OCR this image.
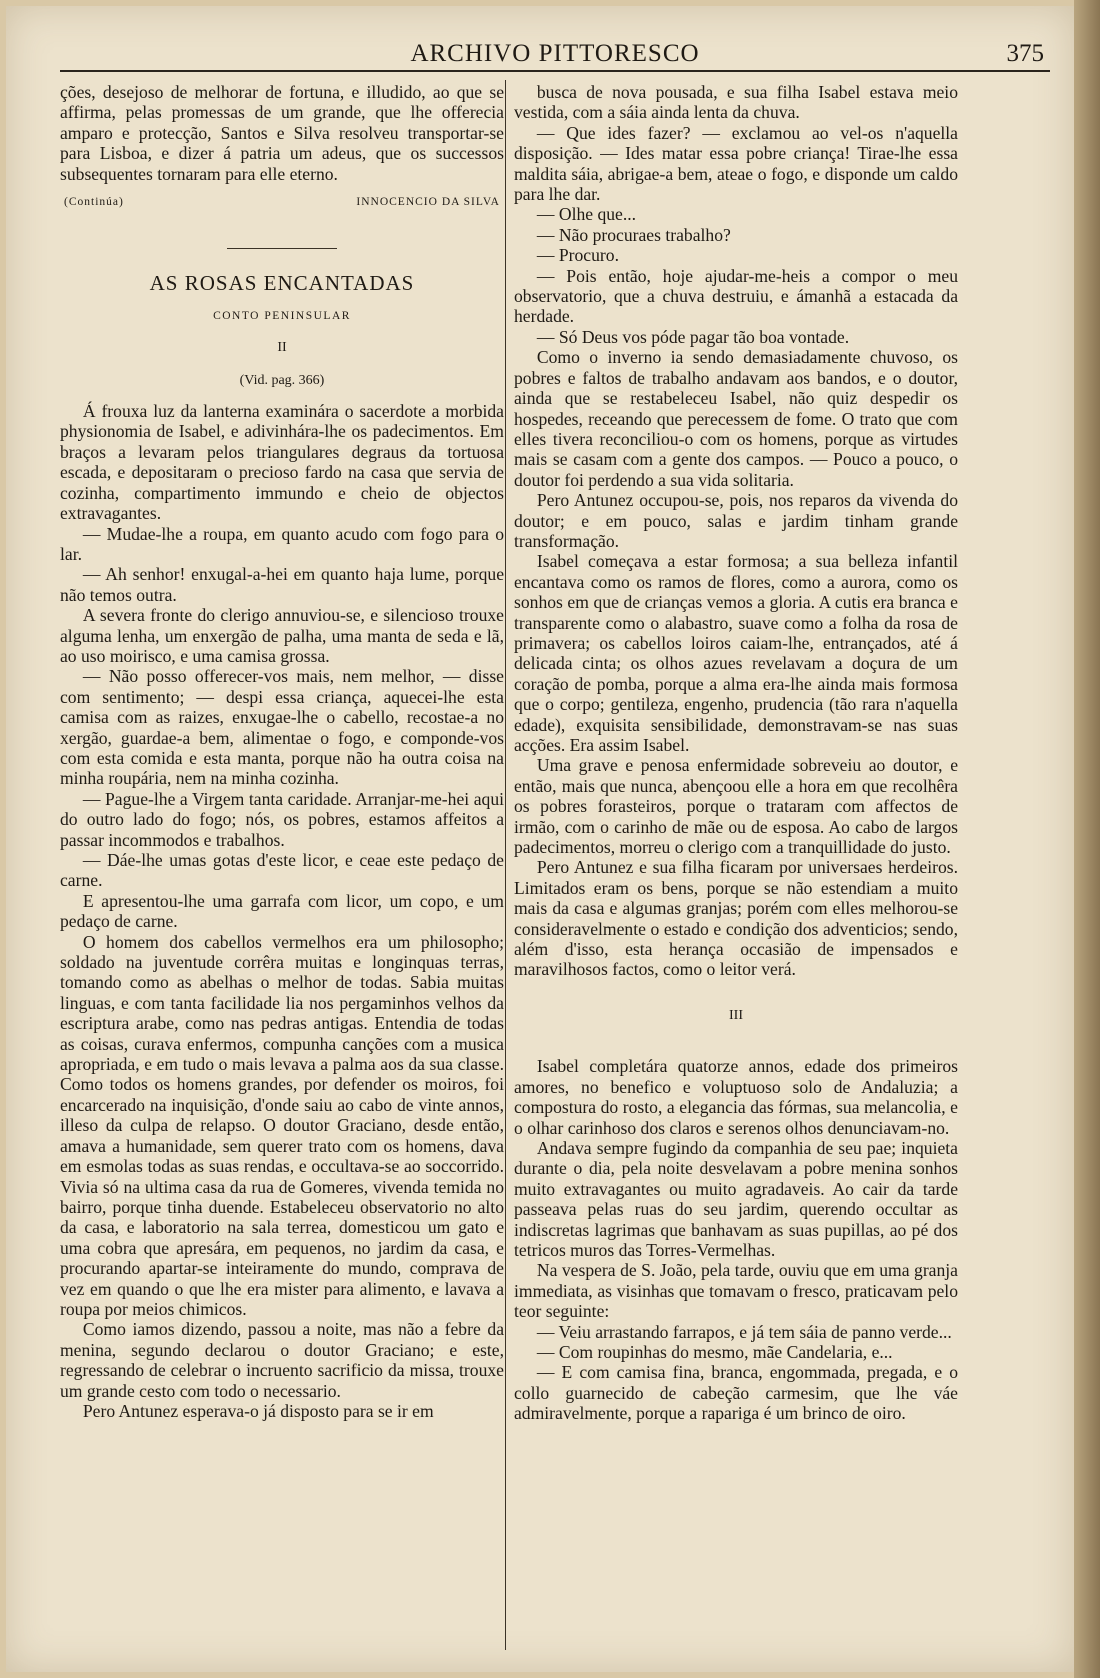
ARCHIVO PITTORESCO	375

ções, desejoso de melhorar de fortuna, e illudido, ao que se affirma, pelas promessas de um grande, que lhe offerecia amparo e protecção, Santos e Silva resolveu transportar-se para Lisboa, e dizer á patria um adeus, que os successos subsequentes tornaram para elle eterno.

(Continúa)	INNOCENCIO DA SILVA
AS ROSAS ENCANTADAS
CONTO PENINSULAR
II
(Vid. pag. 366)

Á frouxa luz da lanterna examinára o sacerdote a morbida physionomia de Isabel, e adivinhára-lhe os padecimentos. Em braços a levaram pelos triangulares degraus da tortuosa escada, e depositaram o precioso fardo na casa que servia de cozinha, compartimento immundo e cheio de objectos extravagantes.

— Mudae-lhe a roupa, em quanto acudo com fogo para o lar.

— Ah senhor! enxugal-a-hei em quanto haja lume, porque não temos outra.

A severa fronte do clerigo annuviou-se, e silencioso trouxe alguma lenha, um enxergão de palha, uma manta de seda e lã, ao uso moirisco, e uma camisa grossa.

— Não posso offerecer-vos mais, nem melhor, — disse com sentimento; — despi essa criança, aquecei-lhe esta camisa com as raizes, enxugae-lhe o cabello, recostae-a no xergão, guardae-a bem, alimentae o fogo, e componde-vos com esta comida e esta manta, porque não ha outra coisa na minha roupária, nem na minha cozinha.

— Pague-lhe a Virgem tanta caridade. Arranjar-me-hei aqui do outro lado do fogo; nós, os pobres, estamos affeitos a passar incommodos e trabalhos.

— Dáe-lhe umas gotas d'este licor, e ceae este pedaço de carne.

E apresentou-lhe uma garrafa com licor, um copo, e um pedaço de carne.

O homem dos cabellos vermelhos era um philosopho; soldado na juventude corrêra muitas e longinquas terras, tomando como as abelhas o melhor de todas. Sabia muitas linguas, e com tanta facilidade lia nos pergaminhos velhos da escriptura arabe, como nas pedras antigas. Entendia de todas as coisas, curava enfermos, compunha canções com a musica apropriada, e em tudo o mais levava a palma aos da sua classe. Como todos os homens grandes, por defender os moiros, foi encarcerado na inquisição, d'onde saiu ao cabo de vinte annos, illeso da culpa de relapso. O doutor Graciano, desde então, amava a humanidade, sem querer trato com os homens, dava em esmolas todas as suas rendas, e occultava-se ao soccorrido. Vivia só na ultima casa da rua de Gomeres, vivenda temida no bairro, porque tinha duende. Estabeleceu observatorio no alto da casa, e laboratorio na sala terrea, domesticou um gato e uma cobra que apresára, em pequenos, no jardim da casa, e procurando apartar-se inteiramente do mundo, comprava de vez em quando o que lhe era mister para alimento, e lavava a roupa por meios chimicos.

Como iamos dizendo, passou a noite, mas não a febre da menina, segundo declarou o doutor Graciano; e este, regressando de celebrar o incruento sacrificio da missa, trouxe um grande cesto com todo o necessario.

Pero Antunez esperava-o já disposto para se ir em

busca de nova pousada, e sua filha Isabel estava meio vestida, com a sáia ainda lenta da chuva.

— Que ides fazer? — exclamou ao vel-os n'aquella disposição. — Ides matar essa pobre criança! Tirae-lhe essa maldita sáia, abrigae-a bem, ateae o fogo, e disponde um caldo para lhe dar.

— Olhe que...

— Não procuraes trabalho?

— Procuro.

— Pois então, hoje ajudar-me-heis a compor o meu observatorio, que a chuva destruiu, e ámanhã a estacada da herdade.

— Só Deus vos póde pagar tão boa vontade.

Como o inverno ia sendo demasiadamente chuvoso, os pobres e faltos de trabalho andavam aos bandos, e o doutor, ainda que se restabeleceu Isabel, não quiz despedir os hospedes, receando que perecessem de fome. O trato que com elles tivera reconciliou-o com os homens, porque as virtudes mais se casam com a gente dos campos. — Pouco a pouco, o doutor foi perdendo a sua vida solitaria.

Pero Antunez occupou-se, pois, nos reparos da vivenda do doutor; e em pouco, salas e jardim tinham grande transformação.

Isabel começava a estar formosa; a sua belleza infantil encantava como os ramos de flores, como a aurora, como os sonhos em que de crianças vemos a gloria. A cutis era branca e transparente como o alabastro, suave como a folha da rosa de primavera; os cabellos loiros caiam-lhe, entrançados, até á delicada cinta; os olhos azues revelavam a doçura de um coração de pomba, porque a alma era-lhe ainda mais formosa que o corpo; gentileza, engenho, prudencia (tão rara n'aquella edade), exquisita sensibilidade, demonstravam-se nas suas acções. Era assim Isabel.

Uma grave e penosa enfermidade sobreveiu ao doutor, e então, mais que nunca, abençoou elle a hora em que recolhêra os pobres forasteiros, porque o trataram com affectos de irmão, com o carinho de mãe ou de esposa. Ao cabo de largos padecimentos, morreu o clerigo com a tranquillidade do justo.

Pero Antunez e sua filha ficaram por universaes herdeiros. Limitados eram os bens, porque se não estendiam a muito mais da casa e algumas granjas; porém com elles melhorou-se consideravelmente o estado e condição dos adventicios; sendo, além d'isso, esta herança occasião de impensados e maravilhosos factos, como o leitor verá.

III

Isabel completára quatorze annos, edade dos primeiros amores, no benefico e voluptuoso solo de Andaluzia; a compostura do rosto, a elegancia das fórmas, sua melancolia, e o olhar carinhoso dos claros e serenos olhos denunciavam-no.

Andava sempre fugindo da companhia de seu pae; inquieta durante o dia, pela noite desvelavam a pobre menina sonhos muito extravagantes ou muito agradaveis. Ao cair da tarde passeava pelas ruas do seu jardim, querendo occultar as indiscretas lagrimas que banhavam as suas pupillas, ao pé dos tetricos muros das Torres-Vermelhas.

Na vespera de S. João, pela tarde, ouviu que em uma granja immediata, as visinhas que tomavam o fresco, praticavam pelo teor seguinte:

— Veiu arrastando farrapos, e já tem sáia de panno verde...

— Com roupinhas do mesmo, mãe Candelaria, e...

— E com camisa fina, branca, engommada, pregada, e o collo guarnecido de cabeção carmesim, que lhe váe admiravelmente, porque a rapariga é um brinco de oiro.
